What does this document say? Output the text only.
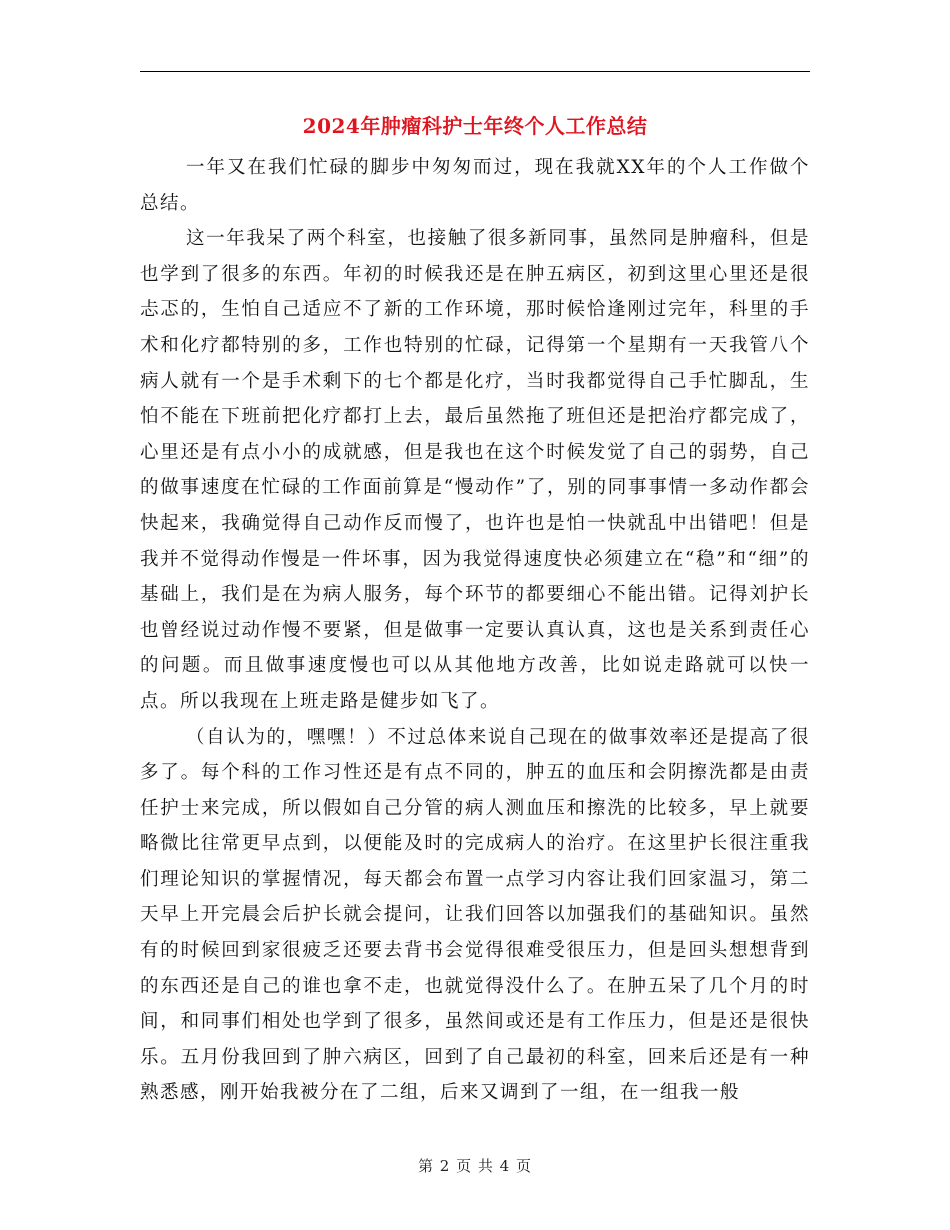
2024年肿瘤科护士年终个人工作总结

一年又在我们忙碌的脚步中匆匆而过，现在我就XX年的个人工作做个总结。

这一年我呆了两个科室，也接触了很多新同事，虽然同是肿瘤科，但是也学到了很多的东西。年初的时候我还是在肿五病区，初到这里心里还是很忐忑的，生怕自己适应不了新的工作环境，那时候恰逢刚过完年，科里的手术和化疗都特别的多，工作也特别的忙碌，记得第一个星期有一天我管八个病人就有一个是手术剩下的七个都是化疗，当时我都觉得自己手忙脚乱，生怕不能在下班前把化疗都打上去，最后虽然拖了班但还是把治疗都完成了，心里还是有点小小的成就感，但是我也在这个时候发觉了自己的弱势，自己的做事速度在忙碌的工作面前算是“慢动作”了，别的同事事情一多动作都会快起来，我确觉得自己动作反而慢了，也许也是怕一快就乱中出错吧！但是我并不觉得动作慢是一件坏事，因为我觉得速度快必须建立在“稳”和“细”的基础上，我们是在为病人服务，每个环节的都要细心不能出错。记得刘护长也曾经说过动作慢不要紧，但是做事一定要认真认真，这也是关系到责任心的问题。而且做事速度慢也可以从其他地方改善，比如说走路就可以快一点。所以我现在上班走路是健步如飞了。

（自认为的，嘿嘿！）不过总体来说自己现在的做事效率还是提高了很多了。每个科的工作习性还是有点不同的，肿五的血压和会阴擦洗都是由责任护士来完成，所以假如自己分管的病人测血压和擦洗的比较多，早上就要略微比往常更早点到，以便能及时的完成病人的治疗。在这里护长很注重我们理论知识的掌握情况，每天都会布置一点学习内容让我们回家温习，第二天早上开完晨会后护长就会提问，让我们回答以加强我们的基础知识。虽然有的时候回到家很疲乏还要去背书会觉得很难受很压力，但是回头想想背到的东西还是自己的谁也拿不走，也就觉得没什么了。在肿五呆了几个月的时间，和同事们相处也学到了很多，虽然间或还是有工作压力，但是还是很快乐。五月份我回到了肿六病区，回到了自己最初的科室，回来后还是有一种熟悉感，刚开始我被分在了二组，后来又调到了一组，在一组我一般

第 2 页 共 4 页
